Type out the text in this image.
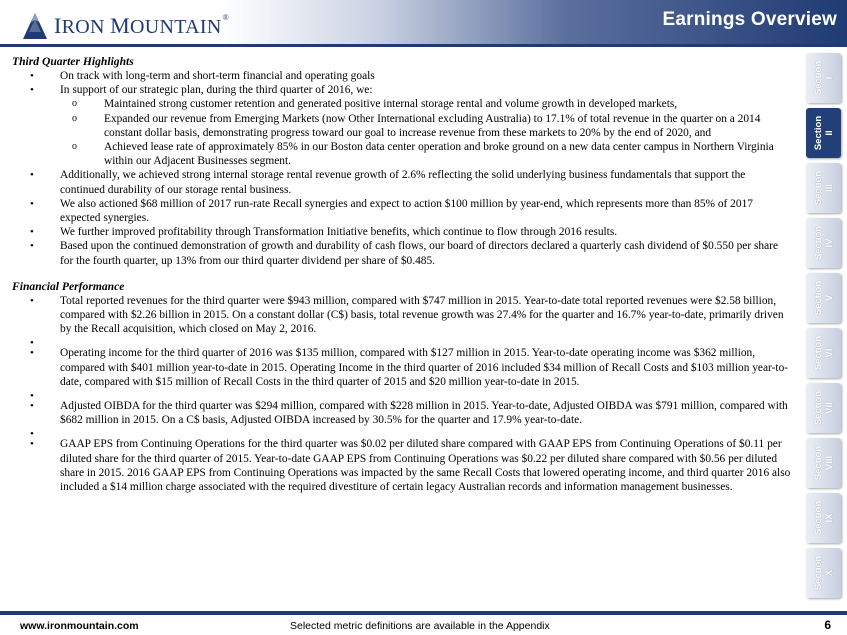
Earnings Overview
IRON MOUNTAIN®
Third Quarter Highlights
• On track with long-term and short-term financial and operating goals
• In support of our strategic plan, during the third quarter of 2016, we:
o Maintained strong customer retention and generated positive internal storage rental and volume growth in developed markets,
o Expanded our revenue from Emerging Markets (now Other International excluding Australia) to 17.1% of total revenue in the quarter on a 2014 constant dollar basis, demonstrating progress toward our goal to increase revenue from these markets to 20% by the end of 2020, and
o Achieved lease rate of approximately 85% in our Boston data center operation and broke ground on a new data center campus in Northern Virginia within our Adjacent Businesses segment.
• Additionally, we achieved strong internal storage rental revenue growth of 2.6% reflecting the solid underlying business fundamentals that support the continued durability of our storage rental business.
• We also actioned $68 million of 2017 run-rate Recall synergies and expect to action $100 million by year-end, which represents more than 85% of 2017 expected synergies.
• We further improved profitability through Transformation Initiative benefits, which continue to flow through 2016 results.
• Based upon the continued demonstration of growth and durability of cash flows, our board of directors declared a quarterly cash dividend of $0.550 per share for the fourth quarter, up 13% from our third quarter dividend per share of $0.485.
Financial Performance
• Total reported revenues for the third quarter were $943 million, compared with $747 million in 2015. Year-to-date total reported revenues were $2.58 billion, compared with $2.26 billion in 2015. On a constant dollar (C$) basis, total revenue growth was 27.4% for the quarter and 16.7% year-to-date, primarily driven by the Recall acquisition, which closed on May 2, 2016.
•
• Operating income for the third quarter of 2016 was $135 million, compared with $127 million in 2015. Year-to-date operating income was $362 million, compared with $401 million year-to-date in 2015. Operating Income in the third quarter of 2016 included $34 million of Recall Costs and $103 million year-to-date, compared with $15 million of Recall Costs in the third quarter of 2015 and $20 million year-to-date in 2015.
•
• Adjusted OIBDA for the third quarter was $294 million, compared with $228 million in 2015. Year-to-date, Adjusted OIBDA was $791 million, compared with $682 million in 2015. On a C$ basis, Adjusted OIBDA increased by 30.5% for the quarter and 17.9% year-to-date.
•
• GAAP EPS from Continuing Operations for the third quarter was $0.02 per diluted share compared with GAAP EPS from Continuing Operations of $0.11 per diluted share for the third quarter of 2015. Year-to-date GAAP EPS from Continuing Operations was $0.22 per diluted share compared with $0.56 per diluted share in 2015. 2016 GAAP EPS from Continuing Operations was impacted by the same Recall Costs that lowered operating income, and third quarter 2016 also included a $14 million charge associated with the required divestiture of certain legacy Australian records and information management businesses.
Section
I
Section
II
Section
III
Section
IV
Section
V
Section
VI
Section
VII
Section
VIII
Section
IX
Section
X
www.ironmountain.com	Selected metric definitions are available in the Appendix	6
